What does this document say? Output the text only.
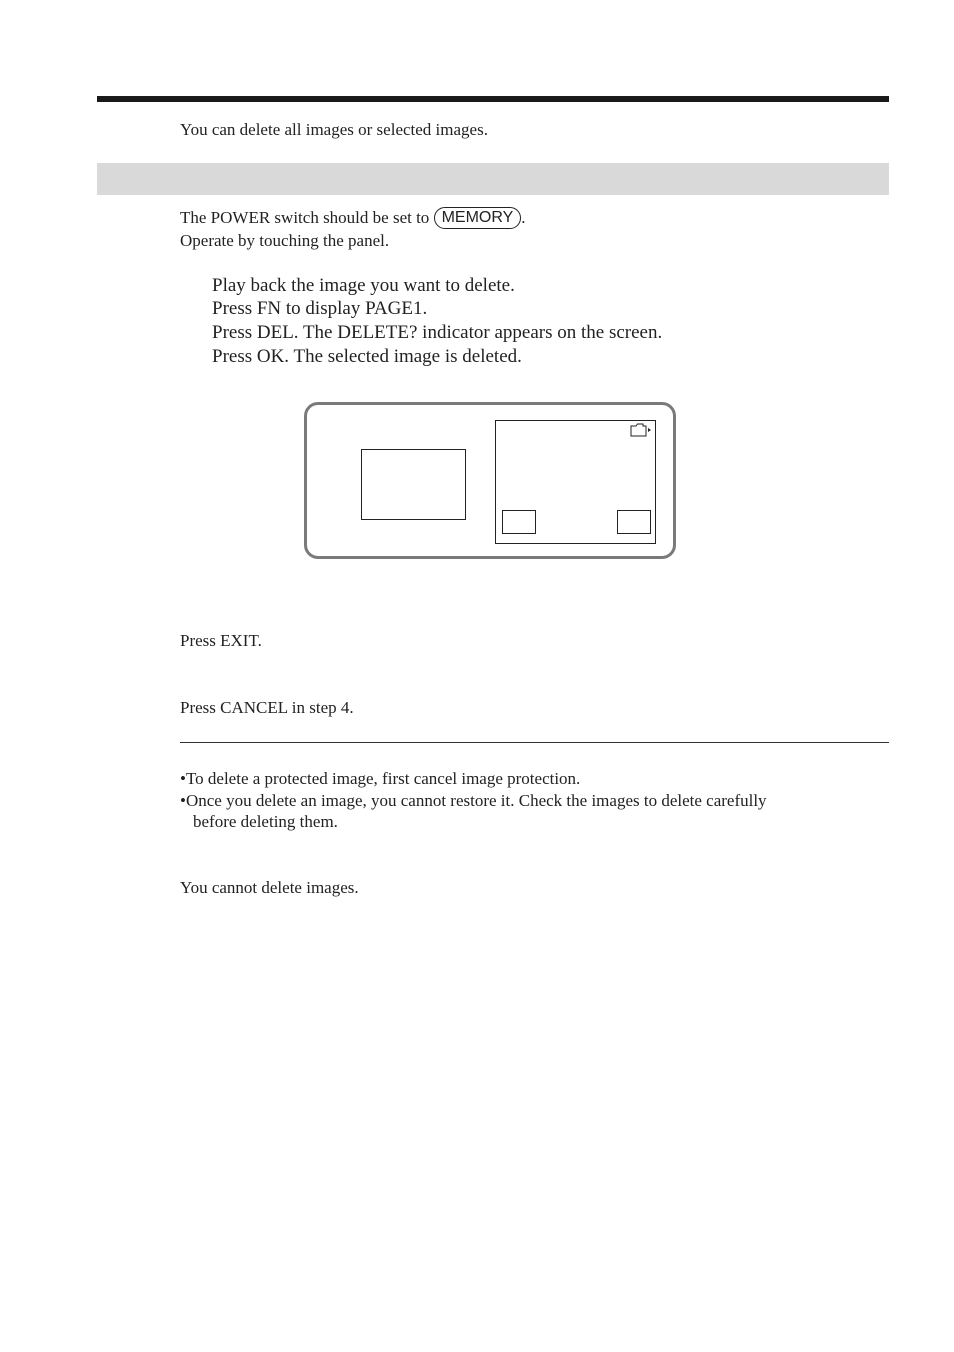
You can delete all images or selected images.
The POWER switch should be set to MEMORY .
Operate by touching the panel.
Play back the image you want to delete.
Press FN to display PAGE1.
Press DEL. The DELETE? indicator appears on the screen.
Press OK. The selected image is deleted.
Press EXIT.
Press CANCEL in step 4.
•To delete a protected image, first cancel image protection.
•Once you delete an image, you cannot restore it. Check the images to delete carefully
before deleting them.
You cannot delete images.
